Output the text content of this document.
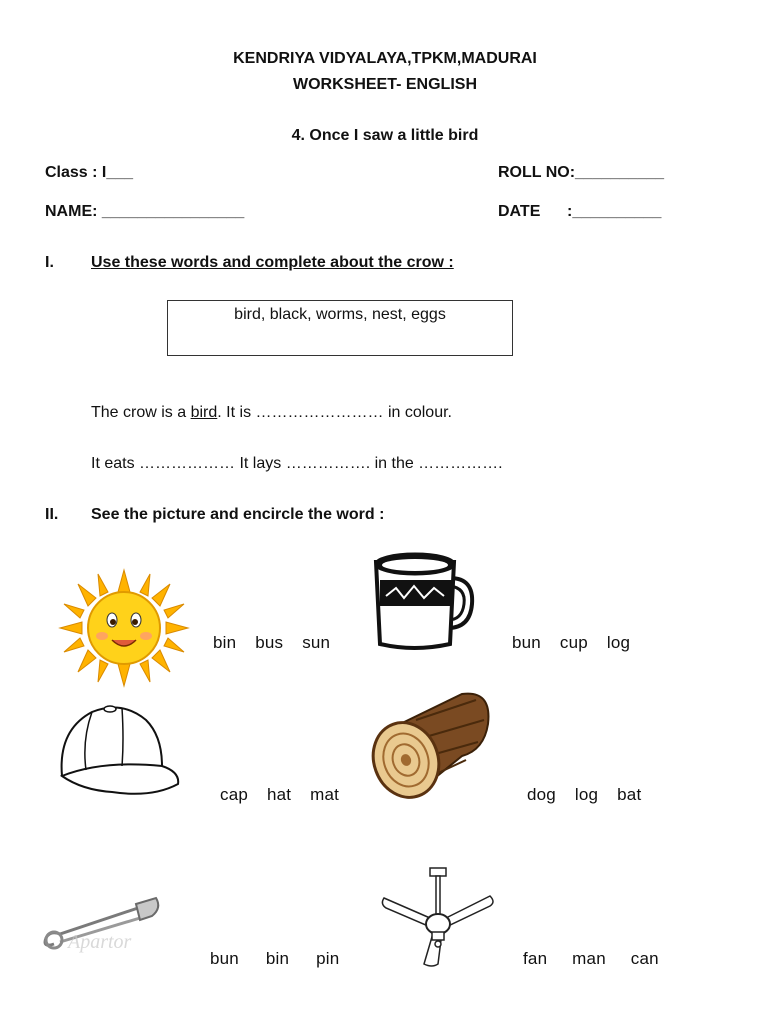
KENDRIYA VIDYALAYA,TPKM,MADURAI
WORKSHEET- ENGLISH
4. Once I saw a little bird
Class : I___	ROLL NO:__________
NAME: ________________	DATE      :__________
I. Use these words and complete about the crow :
bird, black, worms, nest, eggs
The crow is a bird. It is …………………… in colour.
It eats ……………… It lays ……………. in the …………….
II. See the picture and encircle the word :
bin bus sun	bun cup log
cap hat mat	dog log bat
Apartor
bun bin pin	fan man can
